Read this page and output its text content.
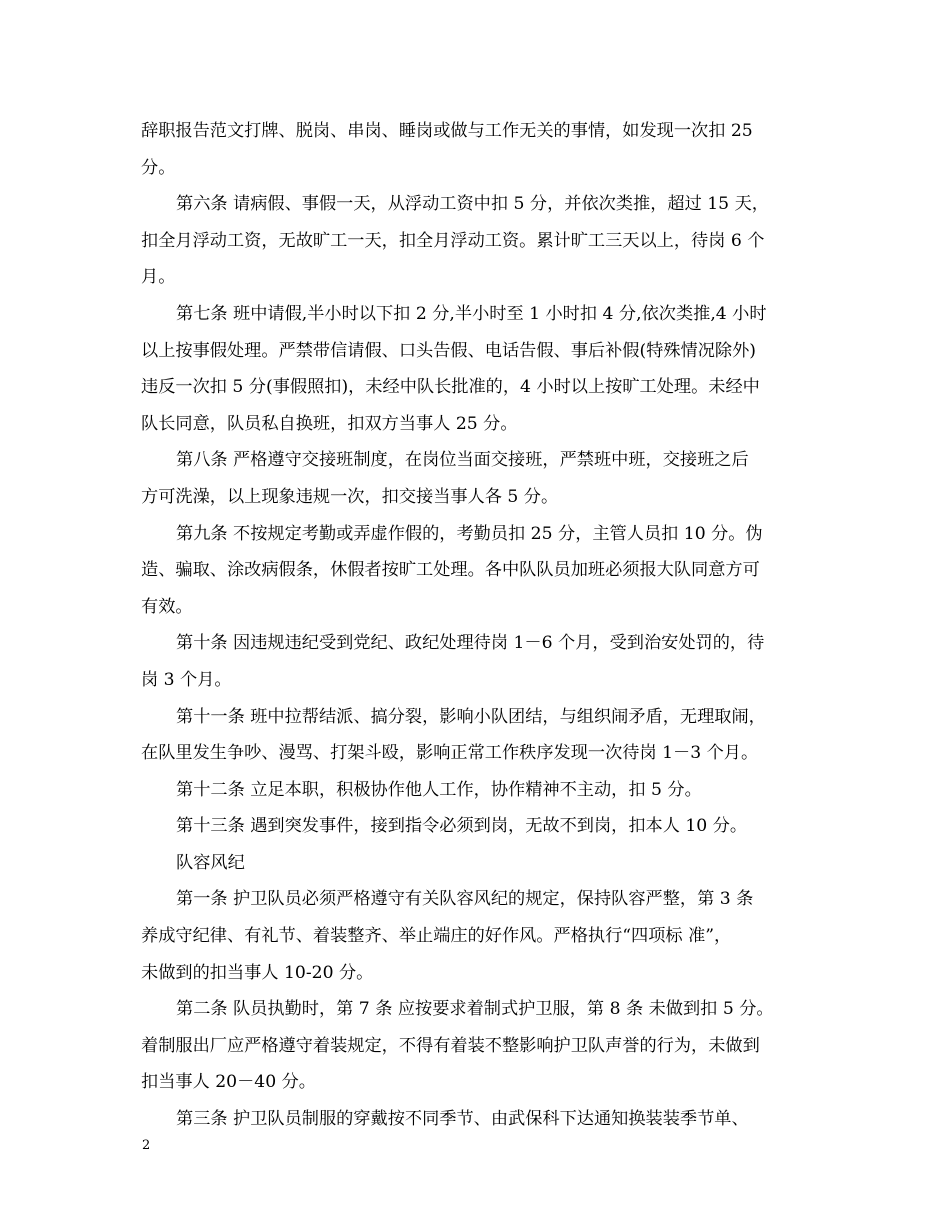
辞职报告范文打牌、脱岗、串岗、睡岗或做与工作无关的事情，如发现一次扣 25
分。
第六条 请病假、事假一天，从浮动工资中扣 5 分，并依次类推，超过 15 天，
扣全月浮动工资，无故旷工一天，扣全月浮动工资。累计旷工三天以上，待岗 6 个
月。
第七条 班中请假,半小时以下扣 2 分,半小时至 1 小时扣 4 分,依次类推,4 小时
以上按事假处理。严禁带信请假、口头告假、电话告假、事后补假(特殊情况除外)
违反一次扣 5 分(事假照扣)，未经中队长批准的，4 小时以上按旷工处理。未经中
队长同意，队员私自换班，扣双方当事人 25 分。
第八条 严格遵守交接班制度，在岗位当面交接班，严禁班中班，交接班之后
方可洗澡，以上现象违规一次，扣交接当事人各 5 分。
第九条 不按规定考勤或弄虚作假的，考勤员扣 25 分，主管人员扣 10 分。伪
造、骗取、涂改病假条，休假者按旷工处理。各中队队员加班必须报大队同意方可
有效。
第十条 因违规违纪受到党纪、政纪处理待岗 1－6 个月，受到治安处罚的，待
岗 3 个月。
第十一条 班中拉帮结派、搞分裂，影响小队团结，与组织闹矛盾，无理取闹，
在队里发生争吵、漫骂、打架斗殴，影响正常工作秩序发现一次待岗 1－3 个月。
第十二条 立足本职，积极协作他人工作，协作精神不主动，扣 5 分。
第十三条 遇到突发事件，接到指令必须到岗，无故不到岗，扣本人 10 分。
队容风纪
第一条 护卫队员必须严格遵守有关队容风纪的规定，保持队容严整，第 3 条
养成守纪律、有礼节、着装整齐、举止端庄的好作风。严格执行“四项标 准”，
未做到的扣当事人 10-20 分。
第二条 队员执勤时，第 7 条 应按要求着制式护卫服，第 8 条 未做到扣 5 分。
着制服出厂应严格遵守着装规定，不得有着装不整影响护卫队声誉的行为，未做到
扣当事人 20－40 分。
第三条 护卫队员制服的穿戴按不同季节、由武保科下达通知换装装季节单、
2
